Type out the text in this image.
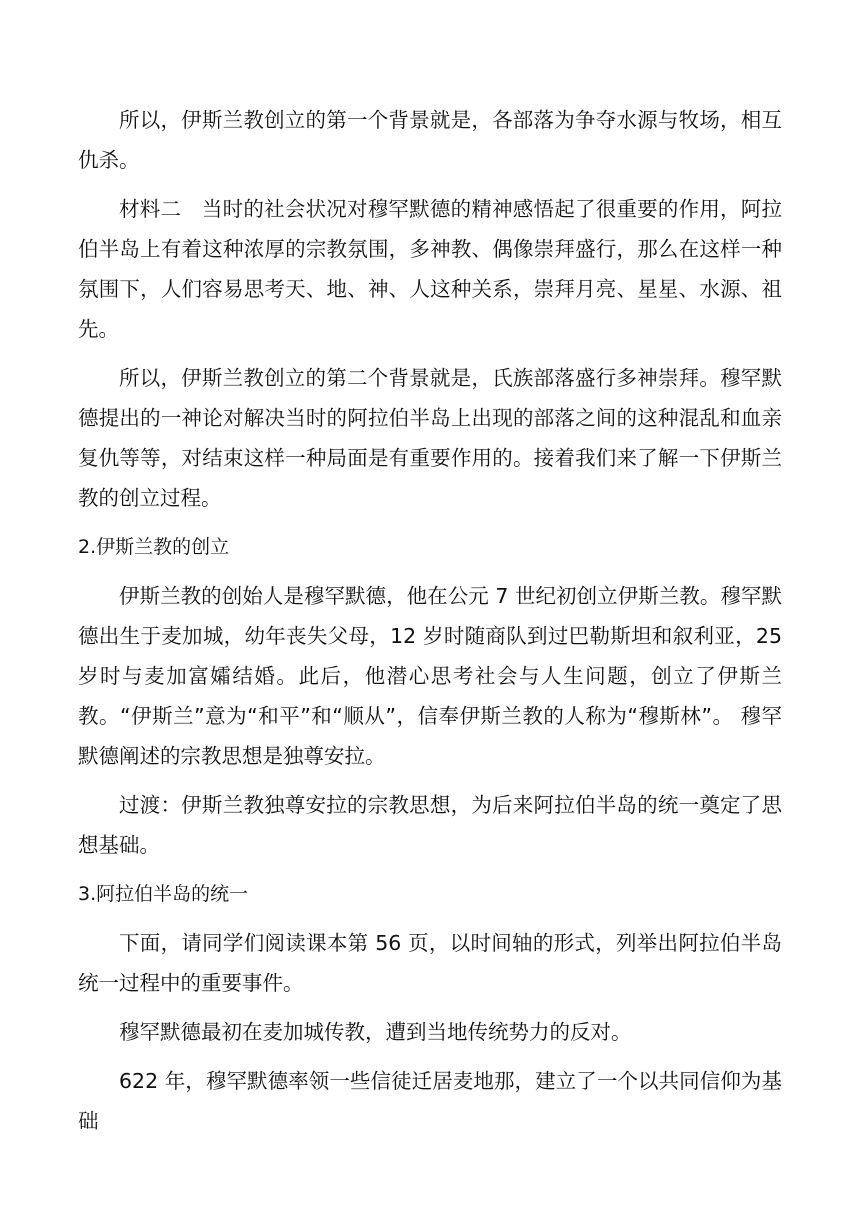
所以，伊斯兰教创立的第一个背景就是，各部落为争夺水源与牧场，相互仇杀。

材料二　当时的社会状况对穆罕默德的精神感悟起了很重要的作用，阿拉伯半岛上有着这种浓厚的宗教氛围，多神教、偶像崇拜盛行，那么在这样一种氛围下，人们容易思考天、地、神、人这种关系，崇拜月亮、星星、水源、祖先。

所以，伊斯兰教创立的第二个背景就是，氏族部落盛行多神崇拜。穆罕默德提出的一神论对解决当时的阿拉伯半岛上出现的部落之间的这种混乱和血亲复仇等等，对结束这样一种局面是有重要作用的。接着我们来了解一下伊斯兰教的创立过程。

2.伊斯兰教的创立

伊斯兰教的创始人是穆罕默德，他在公元 7 世纪初创立伊斯兰教。穆罕默德出生于麦加城，幼年丧失父母，12 岁时随商队到过巴勒斯坦和叙利亚，25 岁时与麦加富孀结婚。此后，他潜心思考社会与人生问题，创立了伊斯兰教。“伊斯兰”意为“和平”和“顺从”，信奉伊斯兰教的人称为“穆斯林”。 穆罕默德阐述的宗教思想是独尊安拉。

过渡：伊斯兰教独尊安拉的宗教思想，为后来阿拉伯半岛的统一奠定了思想基础。

3.阿拉伯半岛的统一

下面，请同学们阅读课本第 56 页，以时间轴的形式，列举出阿拉伯半岛统一过程中的重要事件。

穆罕默德最初在麦加城传教，遭到当地传统势力的反对。

622 年，穆罕默德率领一些信徒迁居麦地那，建立了一个以共同信仰为基础
